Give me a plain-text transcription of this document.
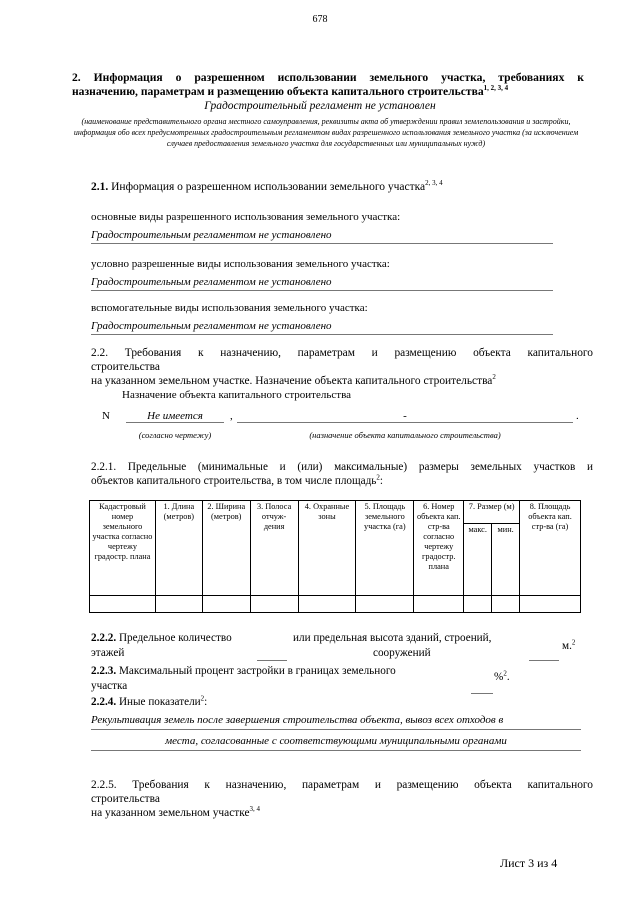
678
2. Информация о разрешенном использовании земельного участка, требованиях к
назначению, параметрам и размещению объекта капитального строительства$^{1, 2, 3, 4}$
Градостроительный регламент не установлен
(наименование представительного органа местного самоуправления, реквизиты акта об утверждении правил землепользования и застройки, информация обо всех предусмотренных градостроительным регламентом видах разрешенного использования земельного участка (за исключением случаев предоставления земельного участка для государственных или муниципальных нужд)
2.1. Информация о разрешенном использовании земельного участка$^{2, 3, 4}$
основные виды разрешенного использования земельного участка:
Градостроительным регламентом не установлено
условно разрешенные виды использования земельного участка:
Градостроительным регламентом не установлено
вспомогательные виды использования земельного участка:
Градостроительным регламентом не установлено
2.2. Требования к назначению, параметрам и размещению объекта капитального
строительства
на указанном земельном участке. Назначение объекта капитального строительства$^2$
Назначение объекта капитального строительства
N	Не имеется	,	-	.
(согласно чертежу)	(назначение объекта капитального строительства)
2.2.1. Предельные (минимальные и (или) максимальные) размеры земельных участков и
объектов капитального строительства, в том числе площадь$^2$:
Кадастровый номер земельного участка согласно чертежу градостр. плана	1. Длина (метров)	2. Ширина (метров)	3. Полоса отчуж-дения	4. Охранные зоны	5. Площадь земельного участка (га)	6. Номер объекта кап. стр-ва согласно чертежу градостр. плана	7. Размер (м)		8. Площадь объекта кап. стр-ва (га)
							макс.	мин.	

2.2.2. Предельное количество	или предельная высота зданий, строений,
м.$^2$
этажей	сооружений
2.2.3. Максимальный процент застройки в границах земельного	%$^2$.
участка
2.2.4. Иные показатели$^2$:
Рекультивация земель после завершения строительства объекта, вывоз всех отходов в
места, согласованные с соответствующими муниципальными органами
2.2.5. Требования к назначению, параметрам и размещению объекта капитального
строительства
на указанном земельном участке$^{3, 4}$
Лист 3 из 4
